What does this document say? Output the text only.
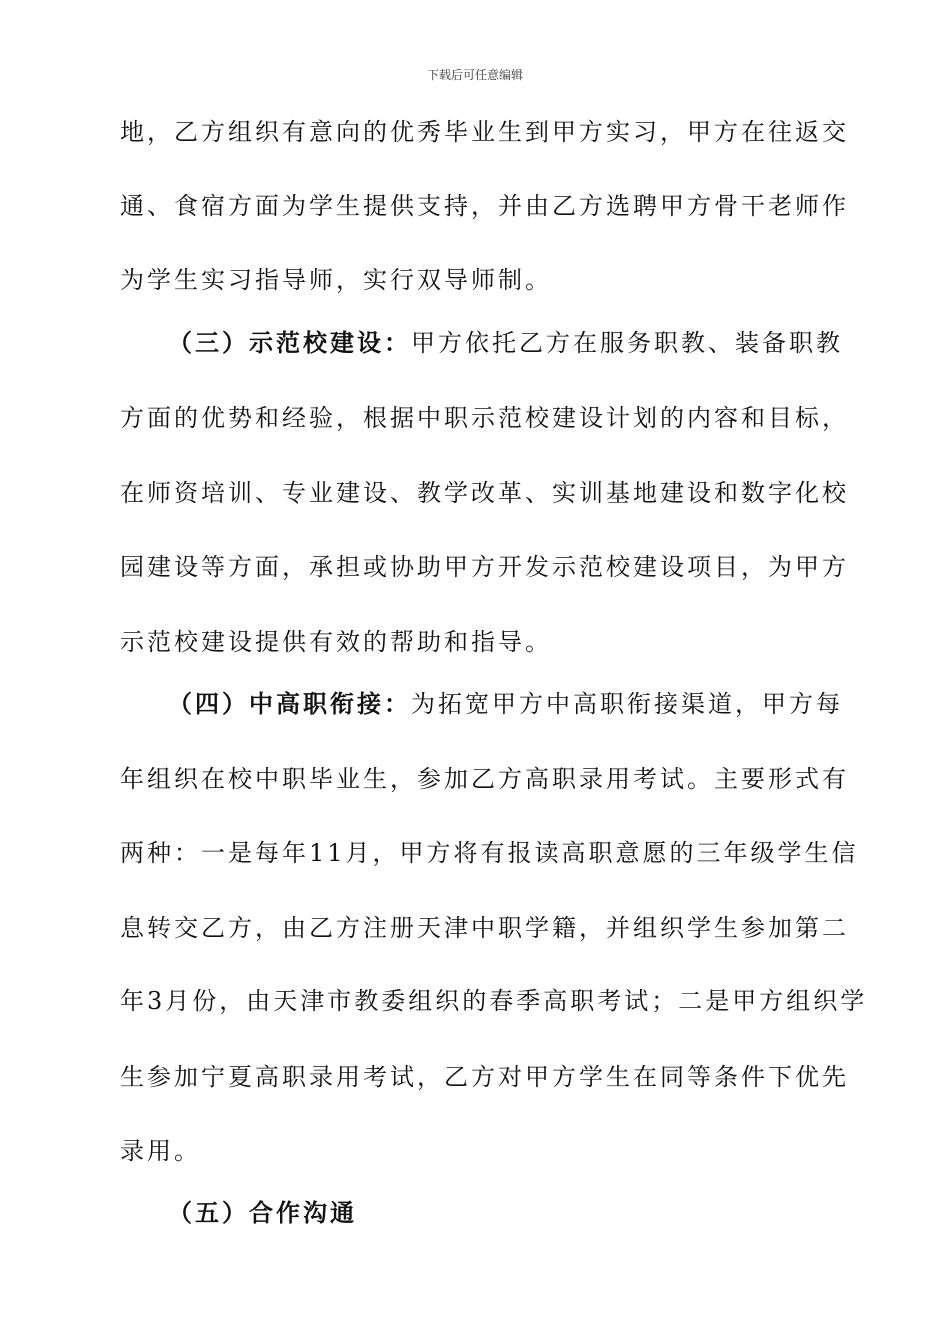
下载后可任意编辑
地，乙方组织有意向的优秀毕业生到甲方实习，甲方在往返交
通、食宿方面为学生提供支持，并由乙方选聘甲方骨干老师作
为学生实习指导师，实行双导师制。
（三）示范校建设：甲方依托乙方在服务职教、装备职教
方面的优势和经验，根据中职示范校建设计划的内容和目标，
在师资培训、专业建设、教学改革、实训基地建设和数字化校
园建设等方面，承担或协助甲方开发示范校建设项目，为甲方
示范校建设提供有效的帮助和指导。
（四）中高职衔接：为拓宽甲方中高职衔接渠道，甲方每
年组织在校中职毕业生，参加乙方高职录用考试。主要形式有
两种：一是每年11月，甲方将有报读高职意愿的三年级学生信
息转交乙方，由乙方注册天津中职学籍，并组织学生参加第二
年3月份，由天津市教委组织的春季高职考试；二是甲方组织学
生参加宁夏高职录用考试，乙方对甲方学生在同等条件下优先
录用。
（五）合作沟通
